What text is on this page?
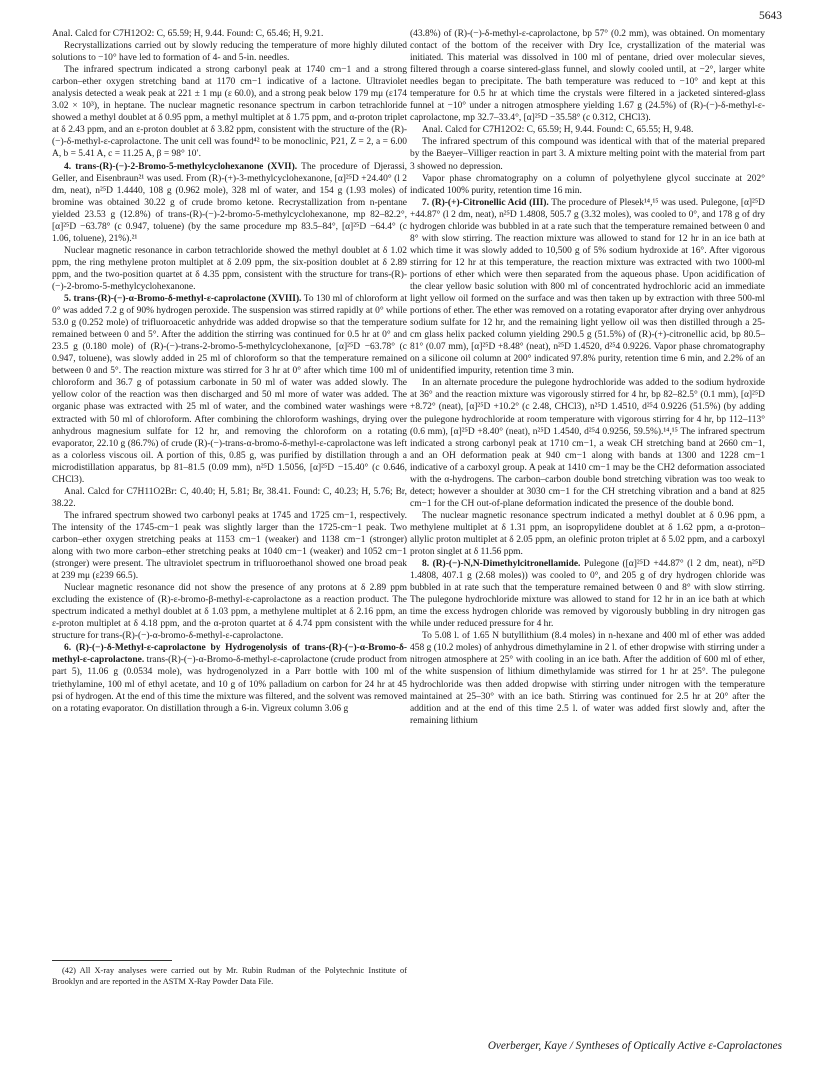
5643

Anal. Calcd for C7H12O2: C, 65.59; H, 9.44. Found: C, 65.46; H, 9.21.

Recrystallizations carried out by slowly reducing the temperature of more highly diluted solutions to −10° have led to formation of 4- and 5-in. needles.

The infrared spectrum indicated a strong carbonyl peak at 1740 cm−1 and a strong carbon–ether oxygen stretching band at 1170 cm−1 indicative of a lactone. Ultraviolet analysis detected a weak peak at 221 ± 1 mμ (ε 60.0), and a strong peak below 179 mμ (ε174 3.02 × 10³), in heptane. The nuclear magnetic resonance spectrum in carbon tetrachloride showed a methyl doublet at δ 0.95 ppm, a methyl multiplet at δ 1.75 ppm, and α-proton triplet at δ 2.43 ppm, and an ε-proton doublet at δ 3.82 ppm, consistent with the structure of the (R)-(−)-δ-methyl-ε-caprolactone. The unit cell was found⁴² to be monoclinic, P21, Z = 2, a = 6.00 A, b = 5.41 A, c = 11.25 A, β = 98° 10′.

4. trans-(R)-(−)-2-Bromo-5-methylcyclohexanone (XVII). The procedure of Djerassi, Geller, and Eisenbraun²¹ was used. From (R)-(+)-3-methylcyclohexanone, [α]²⁵D +24.40° (l 2 dm, neat), n²⁵D 1.4440, 108 g (0.962 mole), 328 ml of water, and 154 g (1.93 moles) of bromine was obtained 30.22 g of crude bromo ketone. Recrystallization from n-pentane yielded 23.53 g (12.8%) of trans-(R)-(−)-2-bromo-5-methylcyclohexanone, mp 82–82.2°, [α]²⁵D −63.78° (c 0.947, toluene) (by the same procedure mp 83.5–84°, [α]²⁵D −64.4° (c 1.06, toluene), 21%).²¹

Nuclear magnetic resonance in carbon tetrachloride showed the methyl doublet at δ 1.02 ppm, the ring methylene proton multiplet at δ 2.09 ppm, the six-position doublet at δ 2.89 ppm, and the two-position quartet at δ 4.35 ppm, consistent with the structure for trans-(R)-(−)-2-bromo-5-methylcyclohexanone.

5. trans-(R)-(−)-α-Bromo-δ-methyl-ε-caprolactone (XVIII). To 130 ml of chloroform at 0° was added 7.2 g of 90% hydrogen peroxide. The suspension was stirred rapidly at 0° while 53.0 g (0.252 mole) of trifluoroacetic anhydride was added dropwise so that the temperature remained between 0 and 5°. After the addition the stirring was continued for 0.5 hr at 0° and 23.5 g (0.180 mole) of (R)-(−)-trans-2-bromo-5-methylcyclohexanone, [α]²⁵D −63.78° (c 0.947, toluene), was slowly added in 25 ml of chloroform so that the temperature remained between 0 and 5°. The reaction mixture was stirred for 3 hr at 0° after which time 100 ml of chloroform and 36.7 g of potassium carbonate in 50 ml of water was added slowly. The yellow color of the reaction was then discharged and 50 ml more of water was added. The organic phase was extracted with 25 ml of water, and the combined water washings were extracted with 50 ml of chloroform. After combining the chloroform washings, drying over anhydrous magnesium sulfate for 12 hr, and removing the chloroform on a rotating evaporator, 22.10 g (86.7%) of crude (R)-(−)-trans-α-bromo-δ-methyl-ε-caprolactone was left as a colorless viscous oil. A portion of this, 0.85 g, was purified by distillation through a microdistillation apparatus, bp 81–81.5 (0.09 mm), n²⁵D 1.5056, [α]²⁵D −15.40° (c 0.646, CHCl3).

Anal. Calcd for C7H11O2Br: C, 40.40; H, 5.81; Br, 38.41. Found: C, 40.23; H, 5.76; Br, 38.22.

The infrared spectrum showed two carbonyl peaks at 1745 and 1725 cm−1, respectively. The intensity of the 1745-cm−1 peak was slightly larger than the 1725-cm−1 peak. Two carbon–ether oxygen stretching peaks at 1153 cm−1 (weaker) and 1138 cm−1 (stronger) along with two more carbon–ether stretching peaks at 1040 cm−1 (weaker) and 1052 cm−1 (stronger) were present. The ultraviolet spectrum in trifluoroethanol showed one broad peak at 239 mμ (ε239 66.5).

Nuclear magnetic resonance did not show the presence of any protons at δ 2.89 ppm excluding the existence of (R)-ε-bromo-β-methyl-ε-caprolactone as a reaction product. The spectrum indicated a methyl doublet at δ 1.03 ppm, a methylene multiplet at δ 2.16 ppm, an ε-proton multiplet at δ 4.18 ppm, and the α-proton quartet at δ 4.74 ppm consistent with the structure for trans-(R)-(−)-α-bromo-δ-methyl-ε-caprolactone.

6. (R)-(−)-δ-Methyl-ε-caprolactone by Hydrogenolysis of trans-(R)-(−)-α-Bromo-δ-methyl-ε-caprolactone. trans-(R)-(−)-α-Bromo-δ-methyl-ε-caprolactone (crude product from part 5), 11.06 g (0.0534 mole), was hydrogenolyzed in a Parr bottle with 100 ml of triethylamine, 100 ml of ethyl acetate, and 10 g of 10% palladium on carbon for 24 hr at 45 psi of hydrogen. At the end of this time the mixture was filtered, and the solvent was removed on a rotating evaporator. On distillation through a 6-in. Vigreux column 3.06 g

(43.8%) of (R)-(−)-δ-methyl-ε-caprolactone, bp 57° (0.2 mm), was obtained. On momentary contact of the bottom of the receiver with Dry Ice, crystallization of the material was initiated. This material was dissolved in 100 ml of pentane, dried over molecular sieves, filtered through a coarse sintered-glass funnel, and slowly cooled until, at −2°, larger white needles began to precipitate. The bath temperature was reduced to −10° and kept at this temperature for 0.5 hr at which time the crystals were filtered in a jacketed sintered-glass funnel at −10° under a nitrogen atmosphere yielding 1.67 g (24.5%) of (R)-(−)-δ-methyl-ε-caprolactone, mp 32.7–33.4°, [α]²⁵D −35.58° (c 0.312, CHCl3).

Anal. Calcd for C7H12O2: C, 65.59; H, 9.44. Found: C, 65.55; H, 9.48.

The infrared spectrum of this compound was identical with that of the material prepared by the Baeyer–Villiger reaction in part 3. A mixture melting point with the material from part 3 showed no depression.

Vapor phase chromatography on a column of polyethylene glycol succinate at 202° indicated 100% purity, retention time 16 min.

7. (R)-(+)-Citronellic Acid (III). The procedure of Plesek¹⁴,¹⁵ was used. Pulegone, [α]²⁵D +44.87° (l 2 dm, neat), n²⁵D 1.4808, 505.7 g (3.32 moles), was cooled to 0°, and 178 g of dry hydrogen chloride was bubbled in at a rate such that the temperature remained between 0 and 8° with slow stirring. The reaction mixture was allowed to stand for 12 hr in an ice bath at which time it was slowly added to 10,500 g of 5% sodium hydroxide at 16°. After vigorous stirring for 12 hr at this temperature, the reaction mixture was extracted with two 1000-ml portions of ether which were then separated from the aqueous phase. Upon acidification of the clear yellow basic solution with 800 ml of concentrated hydrochloric acid an immediate light yellow oil formed on the surface and was then taken up by extraction with three 500-ml portions of ether. The ether was removed on a rotating evaporator after drying over anhydrous sodium sulfate for 12 hr, and the remaining light yellow oil was then distilled through a 25-cm glass helix packed column yielding 290.5 g (51.5%) of (R)-(+)-citronellic acid, bp 80.5–81° (0.07 mm), [α]²⁵D +8.48° (neat), n²⁵D 1.4520, d²⁵4 0.9226. Vapor phase chromatography on a silicone oil column at 200° indicated 97.8% purity, retention time 6 min, and 2.2% of an unidentified impurity, retention time 3 min.

In an alternate procedure the pulegone hydrochloride was added to the sodium hydroxide at 36° and the reaction mixture was vigorously stirred for 4 hr, bp 82–82.5° (0.1 mm), [α]²⁵D +8.72° (neat), [α]²⁵D +10.2° (c 2.48, CHCl3), n²⁵D 1.4510, d²⁵4 0.9226 (51.5%) (by adding the pulegone hydrochloride at room temperature with vigorous stirring for 4 hr, bp 112–113° (0.6 mm), [α]²⁵D +8.40° (neat), n²⁵D 1.4540, d²⁵4 0.9256, 59.5%).¹⁴,¹⁵ The infrared spectrum indicated a strong carbonyl peak at 1710 cm−1, a weak CH stretching band at 2660 cm−1, and an OH deformation peak at 940 cm−1 along with bands at 1300 and 1228 cm−1 indicative of a carboxyl group. A peak at 1410 cm−1 may be the CH2 deformation associated with the α-hydrogens. The carbon–carbon double bond stretching vibration was too weak to detect; however a shoulder at 3030 cm−1 for the CH stretching vibration and a band at 825 cm−1 for the CH out-of-plane deformation indicated the presence of the double bond.

The nuclear magnetic resonance spectrum indicated a methyl doublet at δ 0.96 ppm, a methylene multiplet at δ 1.31 ppm, an isopropylidene doublet at δ 1.62 ppm, a α-proton–allylic proton multiplet at δ 2.05 ppm, an olefinic proton triplet at δ 5.02 ppm, and a carboxyl proton singlet at δ 11.56 ppm.

8. (R)-(−)-N,N-Dimethylcitronellamide. Pulegone ([α]²⁵D +44.87° (l 2 dm, neat), n²⁵D 1.4808, 407.1 g (2.68 moles)) was cooled to 0°, and 205 g of dry hydrogen chloride was bubbled in at rate such that the temperature remained between 0 and 8° with slow stirring. The pulegone hydrochloride mixture was allowed to stand for 12 hr in an ice bath at which time the excess hydrogen chloride was removed by vigorously bubbling in dry nitrogen gas while under reduced pressure for 4 hr.

To 5.08 l. of 1.65 N butyllithium (8.4 moles) in n-hexane and 400 ml of ether was added 458 g (10.2 moles) of anhydrous dimethylamine in 2 l. of ether dropwise with stirring under a nitrogen atmosphere at 25° with cooling in an ice bath. After the addition of 600 ml of ether, the white suspension of lithium dimethylamide was stirred for 1 hr at 25°. The pulegone hydrochloride was then added dropwise with stirring under nitrogen with the temperature maintained at 25–30° with an ice bath. Stirring was continued for 2.5 hr at 20° after the addition and at the end of this time 2.5 l. of water was added first slowly and, after the remaining lithium

(42) All X-ray analyses were carried out by Mr. Rubin Rudman of the Polytechnic Institute of Brooklyn and are reported in the ASTM X-Ray Powder Data File.
Overberger, Kaye / Syntheses of Optically Active ε-Caprolactones
